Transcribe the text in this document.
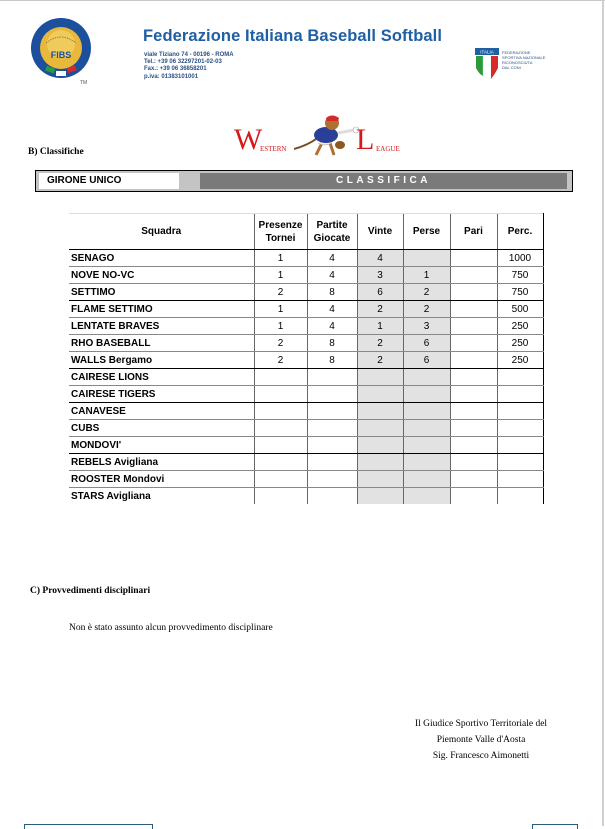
FIBS
TM
Federazione Italiana Baseball Softball
viale Tiziano 74 - 00196 - ROMA
Tel.: +39 06 32297201-02-03
Fax.: +39 06 36858201
p.iva: 01383101001
ITALIA FEDERAZIONE
SPORTIVA NAZIONALE
RICONOSCIUTA
DAL CONI
W
ESTERN L EAGUE
B) Classifiche
GIRONE UNICO	CLASSIFICA
Squadra	Presenze Tornei	Partite Giocate	Vinte	Perse	Pari	Perc.
SENAGO	1	4	4			1000
NOVE NO-VC	1	4	3	1		750
SETTIMO	2	8	6	2		750
FLAME SETTIMO	1	4	2	2		500
LENTATE BRAVES	1	4	1	3		250
RHO BASEBALL	2	8	2	6		250
WALLS Bergamo	2	8	2	6		250
CAIRESE LIONS						
CAIRESE TIGERS						
CANAVESE						
CUBS						
MONDOVI'						
REBELS Avigliana						
ROOSTER Mondovi						
STARS Avigliana						
C) Provvedimenti disciplinari
Non è stato assunto alcun provvedimento disciplinare
Il Giudice Sportivo Territoriale del
Piemonte Valle d'Aosta
Sig. Francesco Aimonetti
